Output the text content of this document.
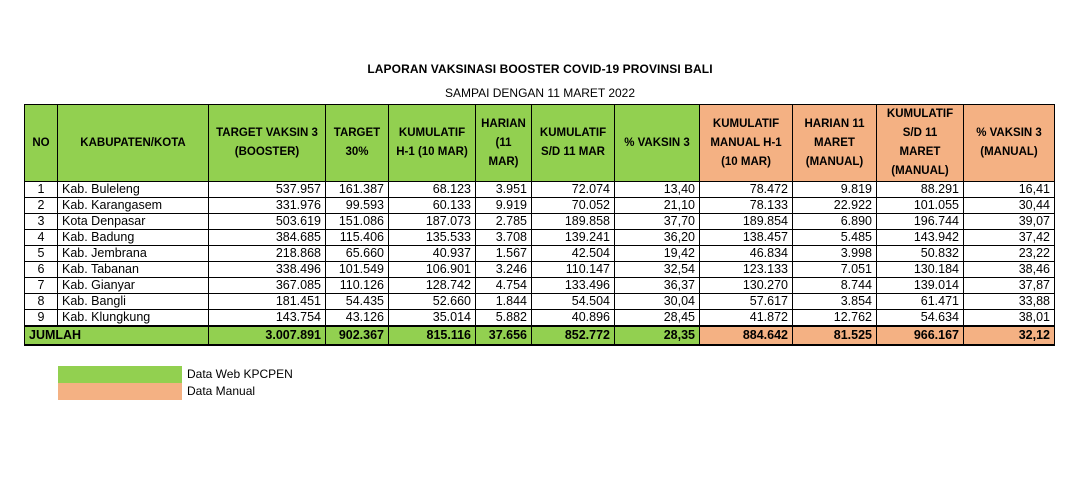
LAPORAN VAKSINASI BOOSTER COVID-19 PROVINSI BALI
SAMPAI DENGAN 11 MARET 2022
NO	KABUPATEN/KOTA	TARGET VAKSIN 3 (BOOSTER)	TARGET 30%	KUMULATIF H-1 (10 MAR)	HARIAN (11 MAR)	KUMULATIF S/D 11 MAR	% VAKSIN 3	KUMULATIF MANUAL H-1 (10 MAR)	HARIAN 11 MARET (MANUAL)	KUMULATIF S/D 11 MARET (MANUAL)	% VAKSIN 3 (MANUAL)
1	Kab. Buleleng	537.957	161.387	68.123	3.951	72.074	13,40	78.472	9.819	88.291	16,41
2	Kab. Karangasem	331.976	99.593	60.133	9.919	70.052	21,10	78.133	22.922	101.055	30,44
3	Kota Denpasar	503.619	151.086	187.073	2.785	189.858	37,70	189.854	6.890	196.744	39,07
4	Kab. Badung	384.685	115.406	135.533	3.708	139.241	36,20	138.457	5.485	143.942	37,42
5	Kab. Jembrana	218.868	65.660	40.937	1.567	42.504	19,42	46.834	3.998	50.832	23,22
6	Kab. Tabanan	338.496	101.549	106.901	3.246	110.147	32,54	123.133	7.051	130.184	38,46
7	Kab. Gianyar	367.085	110.126	128.742	4.754	133.496	36,37	130.270	8.744	139.014	37,87
8	Kab. Bangli	181.451	54.435	52.660	1.844	54.504	30,04	57.617	3.854	61.471	33,88
9	Kab. Klungkung	143.754	43.126	35.014	5.882	40.896	28,45	41.872	12.762	54.634	38,01
JUMLAH		3.007.891	902.367	815.116	37.656	852.772	28,35	884.642	81.525	966.167	32,12
Data Web KPCPEN
Data Manual
